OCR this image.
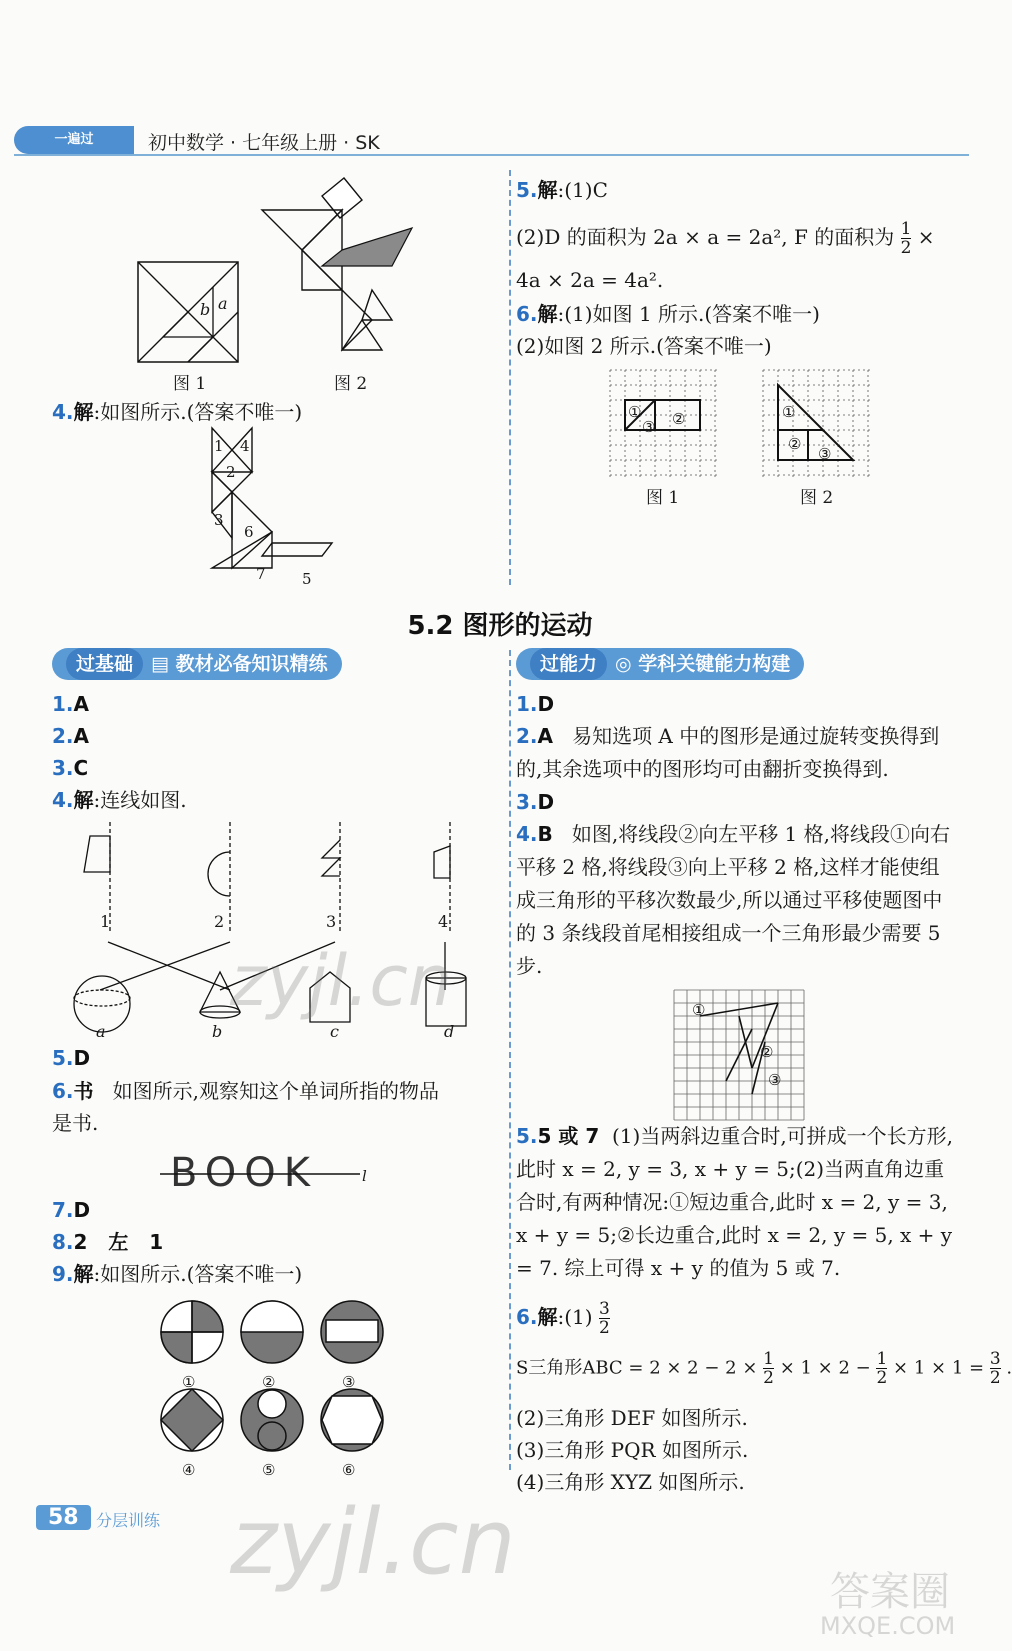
一遍过	初中数学 · 七年级上册 · SK
b a
图 1	图 2
4.解:如图所示.(答案不唯一)
1 4
2
3
6
7 5
5.解:(1)C
(2)D 的面积为 2a × a = 2a², F 的面积为 $\frac{1}{2}$ ×
4a × 2a = 4a².
6.解:(1)如图 1 所示.(答案不唯一)
(2)如图 2 所示.(答案不唯一)
①
③ ②
图 1
①
②
③
图 2
5.2 图形的运动
过基础 ▤ 教材必备知识精练	过能力 ◎ 学科关键能力构建
1.A
2.A
3.C
4.解:连线如图.
1	2	3	4
a	b	c	d
5.D
6.书 如图所示,观察知这个单词所指的物品
是书.
BOOK	l
7.D
8.2   左   1
9.解:如图所示.(答案不唯一)
①	②	③
④	⑤	⑥
1.D
2.A 易知选项 A 中的图形是通过旋转变换得到的,其余选项中的图形均可由翻折变换得到.
3.D
4.B 如图,将线段②向左平移 1 格,将线段①向右平移 2 格,将线段③向上平移 2 格,这样才能使组成三角形的平移次数最少,所以通过平移使题图中的 3 条线段首尾相接组成一个三角形最少需要 5 步.
①
②
③
5.5 或 7 (1)当两斜边重合时,可拼成一个长方形,此时 x = 2, y = 3, x + y = 5;(2)当两直角边重合时,有两种情况:①短边重合,此时 x = 2, y = 3, x + y = 5;②长边重合,此时 x = 2, y = 5, x + y = 7. 综上可得 x + y 的值为 5 或 7.
6.解:(1) $\frac{3}{2}$
S三角形ABC = $2 \times 2 - 2 \times \frac{1}{2} \times 1 \times 2 - \frac{1}{2} \times 1 \times 1 = \frac{3}{2}$ .
(2)三角形 DEF 如图所示.
(3)三角形 PQR 如图所示.
(4)三角形 XYZ 如图所示.
58	分层训练
zyjl.cn
zyjl.cn	答案圈
MXQE.COM
